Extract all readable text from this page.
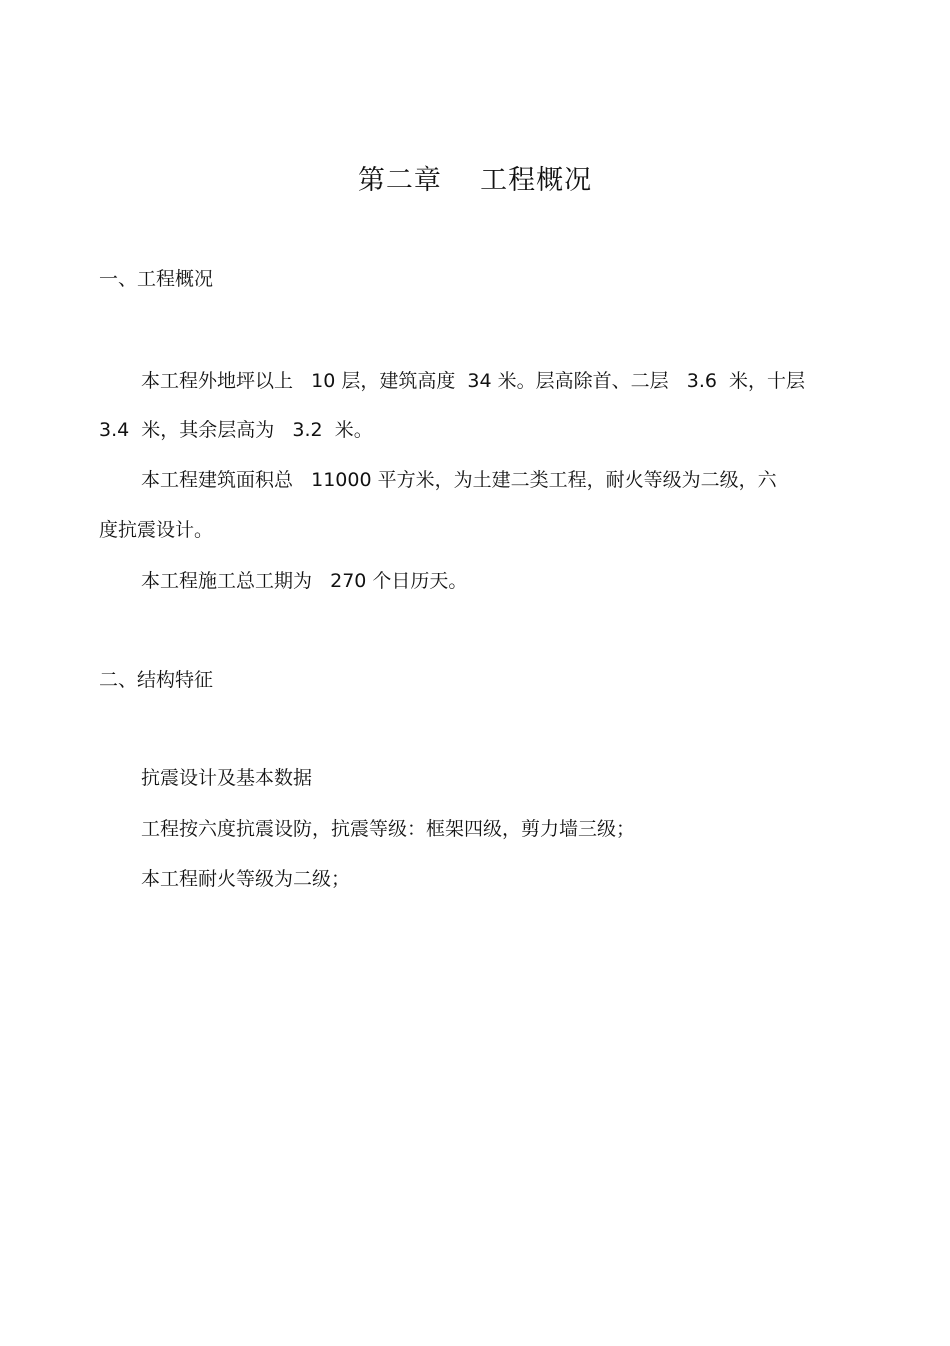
第二章    工程概况
一、工程概况
本工程外地坪以上   10 层，建筑高度  34 米。层高除首、二层   3.6  米，十层
3.4  米，其余层高为   3.2  米。
本工程建筑面积总   11000 平方米，为土建二类工程，耐火等级为二级，六
度抗震设计。
本工程施工总工期为   270 个日历天。
二、结构特征
抗震设计及基本数据
工程按六度抗震设防，抗震等级：框架四级，剪力墙三级；
本工程耐火等级为二级；
